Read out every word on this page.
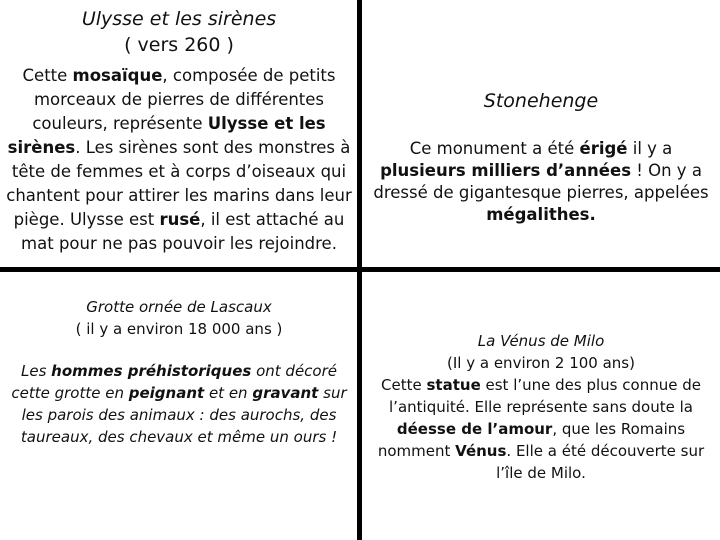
Ulysse et les sirènes

( vers 260 )

Cette mosaïque, composée de petits morceaux de pierres de différentes couleurs, représente Ulysse et les sirènes. Les sirènes sont des monstres à tête de femmes et à corps d’oiseaux qui chantent pour attirer les marins dans leur piège. Ulysse est rusé, il est attaché au mat pour ne pas pouvoir les rejoindre.

Stonehenge

Ce monument a été érigé il y a plusieurs milliers d’années ! On y a dressé de gigantesque pierres, appelées mégalithes.

Grotte ornée de Lascaux

( il y a environ 18 000 ans )

Les hommes préhistoriques ont décoré cette grotte en peignant et en gravant sur les parois des animaux : des aurochs, des taureaux, des chevaux et même un ours !

La Vénus de Milo

(Il y a environ 2 100 ans)
Cette statue est l’une des plus connue de l’antiquité. Elle représente sans doute la déesse de l’amour, que les Romains nomment Vénus. Elle a été découverte sur l’île de Milo.
